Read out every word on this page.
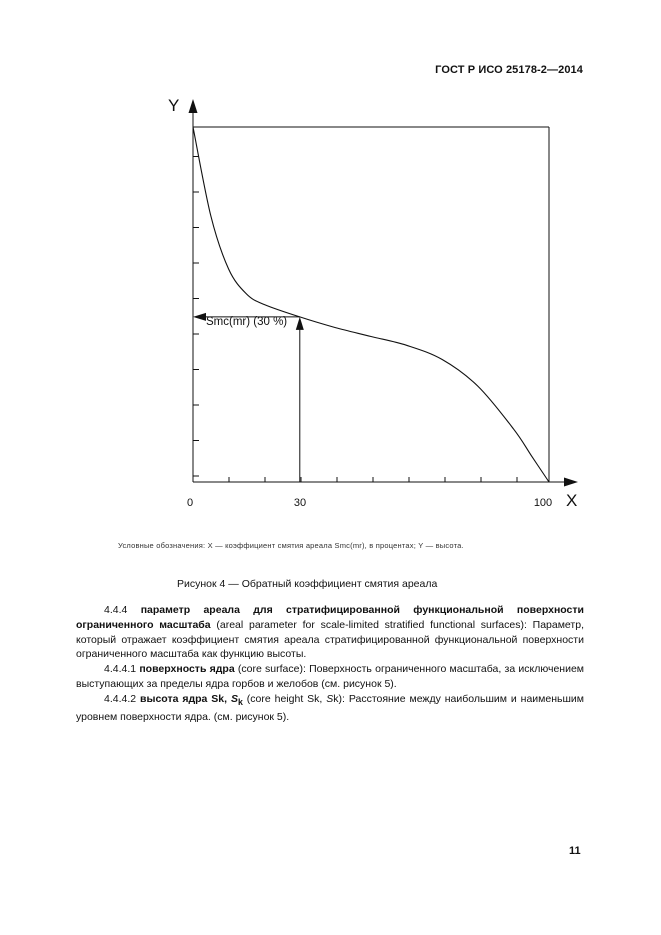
ГОСТ Р ИСО 25178-2—2014
Y
X
0	30	100
Smc(mr) (30 %)
Условные обозначения: X — коэффициент смятия ареала Smc(mr), в процентах; Y — высота.
Рисунок 4 — Обратный коэффициент смятия ареала

4.4.4 параметр ареала для стратифицированной функциональной поверхности ограниченного масштаба (areal parameter for scale-limited stratified functional surfaces): Параметр, который отражает коэффициент смятия ареала стратифицированной функциональной поверхности ограниченного масштаба как функцию высоты.

4.4.4.1 поверхность ядра (core surface): Поверхность ограниченного масштаба, за исключением выступающих за пределы ядра горбов и желобов (см. рисунок 5).

4.4.4.2 высота ядра Sk, $S_k$ (core height Sk, Sk): Расстояние между наибольшим и наименьшим уровнем поверхности ядра. (см. рисунок 5).

11
